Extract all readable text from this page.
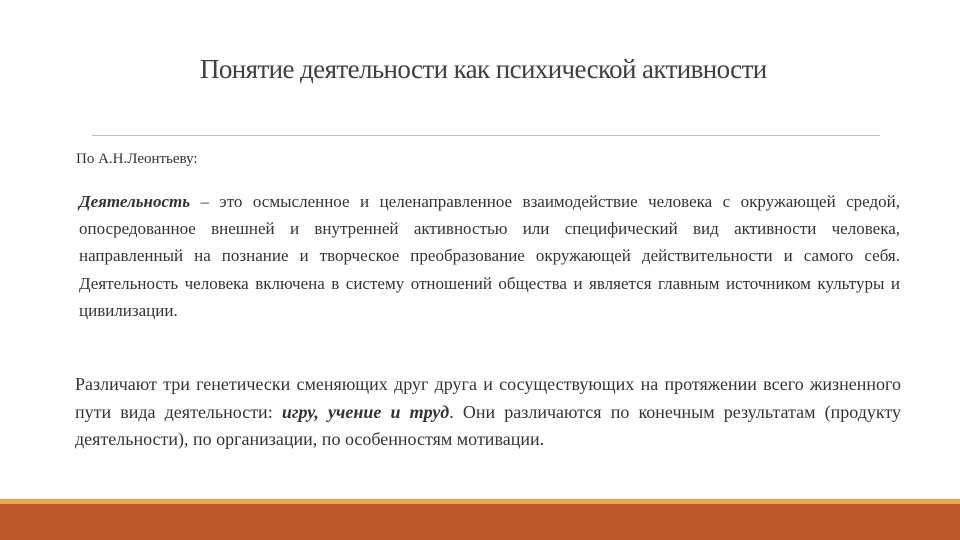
Понятие деятельности как психической активности
По А.Н.Леонтьеву:
Деятельность – это осмысленное и целенаправленное взаимодействие человека с окружающей средой, опосредованное внешней и внутренней активностью или специфический вид активности человека, направленный на познание и творческое преобразование окружающей действительности и самого себя. Деятельность человека включена в систему отношений общества и является главным источником культуры и цивилизации.
Различают три генетически сменяющих друг друга и сосуществующих на протяжении всего жизненного пути вида деятельности: игру, учение и труд. Они различаются по конечным результатам (продукту деятельности), по организации, по особенностям мотивации.
